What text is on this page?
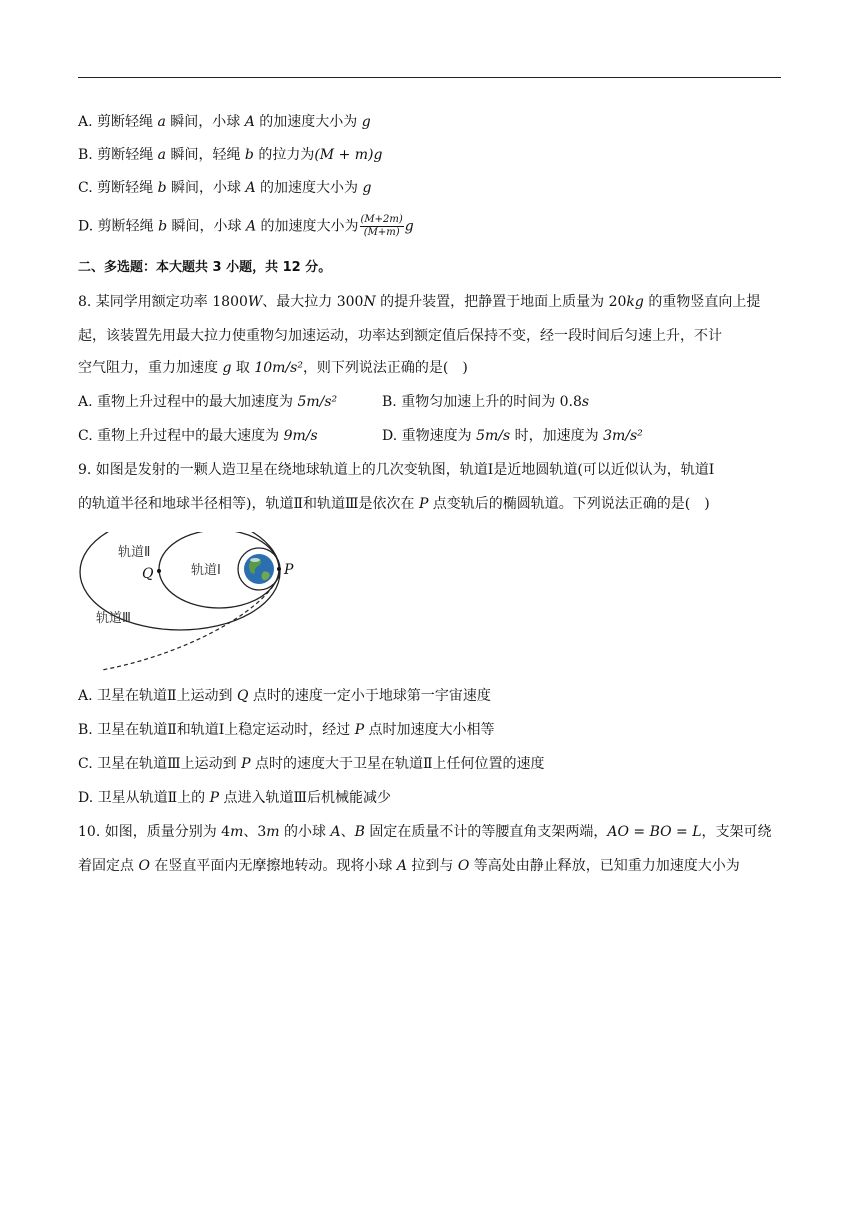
A. 剪断轻绳 a 瞬间，小球 A 的加速度大小为 g
B. 剪断轻绳 a 瞬间，轻绳 b 的拉力为(M + m)g
C. 剪断轻绳 b 瞬间，小球 A 的加速度大小为 g
D. 剪断轻绳 b 瞬间，小球 A 的加速度大小为 $\frac{(M+2m)}{(M+m)}$ g
二、多选题：本大题共 3 小题，共 12 分。
8. 某同学用额定功率 1800W、最大拉力 300N 的提升装置，把静置于地面上质量为 20kg 的重物竖直向上提
起，该装置先用最大拉力使重物匀加速运动，功率达到额定值后保持不变，经一段时间后匀速上升，不计
空气阻力，重力加速度 g 取 10m/s²，则下列说法正确的是(　)
A. 重物上升过程中的最大加速度为 5m/s²	B. 重物匀加速上升的时间为 0.8s
C. 重物上升过程中的最大速度为 9m/s	D. 重物速度为 5m/s 时，加速度为 3m/s²
9. 如图是发射的一颗人造卫星在绕地球轨道上的几次变轨图，轨道Ⅰ是近地圆轨道(可以近似认为，轨道Ⅰ
的轨道半径和地球半径相等)，轨道Ⅱ和轨道Ⅲ是依次在 P 点变轨后的椭圆轨道。下列说法正确的是(　)
轨道Ⅱ
轨道Ⅰ
轨道Ⅲ
Q	P
A. 卫星在轨道Ⅱ上运动到 Q 点时的速度一定小于地球第一宇宙速度
B. 卫星在轨道Ⅱ和轨道Ⅰ上稳定运动时，经过 P 点时加速度大小相等
C. 卫星在轨道Ⅲ上运动到 P 点时的速度大于卫星在轨道Ⅱ上任何位置的速度
D. 卫星从轨道Ⅱ上的 P 点进入轨道Ⅲ后机械能减少
10. 如图，质量分别为 4m、3m 的小球 A、B 固定在质量不计的等腰直角支架两端，AO = BO = L，支架可绕
着固定点 O 在竖直平面内无摩擦地转动。现将小球 A 拉到与 O 等高处由静止释放，已知重力加速度大小为
